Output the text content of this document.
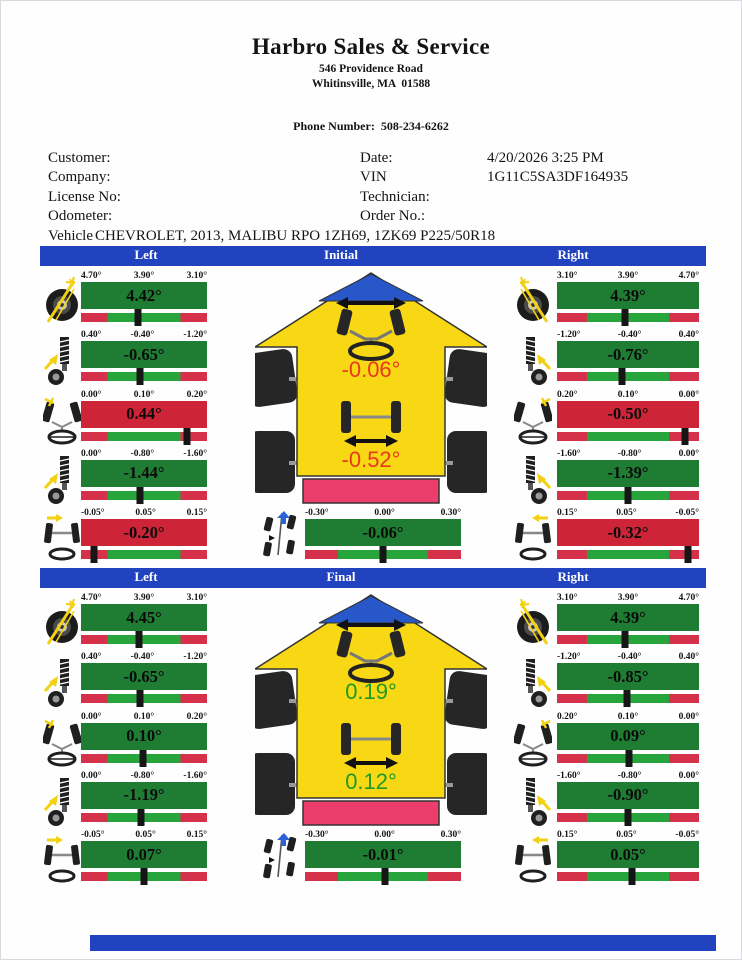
Harbro Sales & Service
546 Providence Road
Whitinsville, MA  01588
Phone Number: 508-234-6262
Customer:	Date:	4/20/2026 3:25 PM
Company:	VIN	1G11C5SA3DF164935
License No:	Technician:
Odometer:	Order No.:
Vehicle CHEVROLET, 2013, MALIBU RPO 1ZH69, 1ZK69 P225/50R18
Left	Initial	Right
4.70°	3.90°	3.10°
4.42°
3.10°	3.90°	4.70°
4.39°
0.40°	-0.40°	-1.20°
-0.65°
-1.20°	-0.40°	0.40°
-0.76°
0.00°	0.10°	0.20°
0.44°
0.20°	0.10°	0.00°
-0.50°
0.00°	-0.80°	-1.60°
-1.44°
-1.60°	-0.80°	0.00°
-1.39°
-0.05°	0.05°	0.15°
-0.20°
0.15°	0.05°	-0.05°
-0.32°
-0.30°	0.00°	0.30°
-0.06°
-0.06°
-0.52°
Left	Final	Right
4.70°	3.90°	3.10°
4.45°
3.10°	3.90°	4.70°
4.39°
0.40°	-0.40°	-1.20°
-0.65°
-1.20°	-0.40°	0.40°
-0.85°
0.00°	0.10°	0.20°
0.10°
0.20°	0.10°	0.00°
0.09°
0.00°	-0.80°	-1.60°
-1.19°
-1.60°	-0.80°	0.00°
-0.90°
-0.05°	0.05°	0.15°
0.07°
0.15°	0.05°	-0.05°
0.05°
-0.30°	0.00°	0.30°
-0.01°
0.19°
0.12°
